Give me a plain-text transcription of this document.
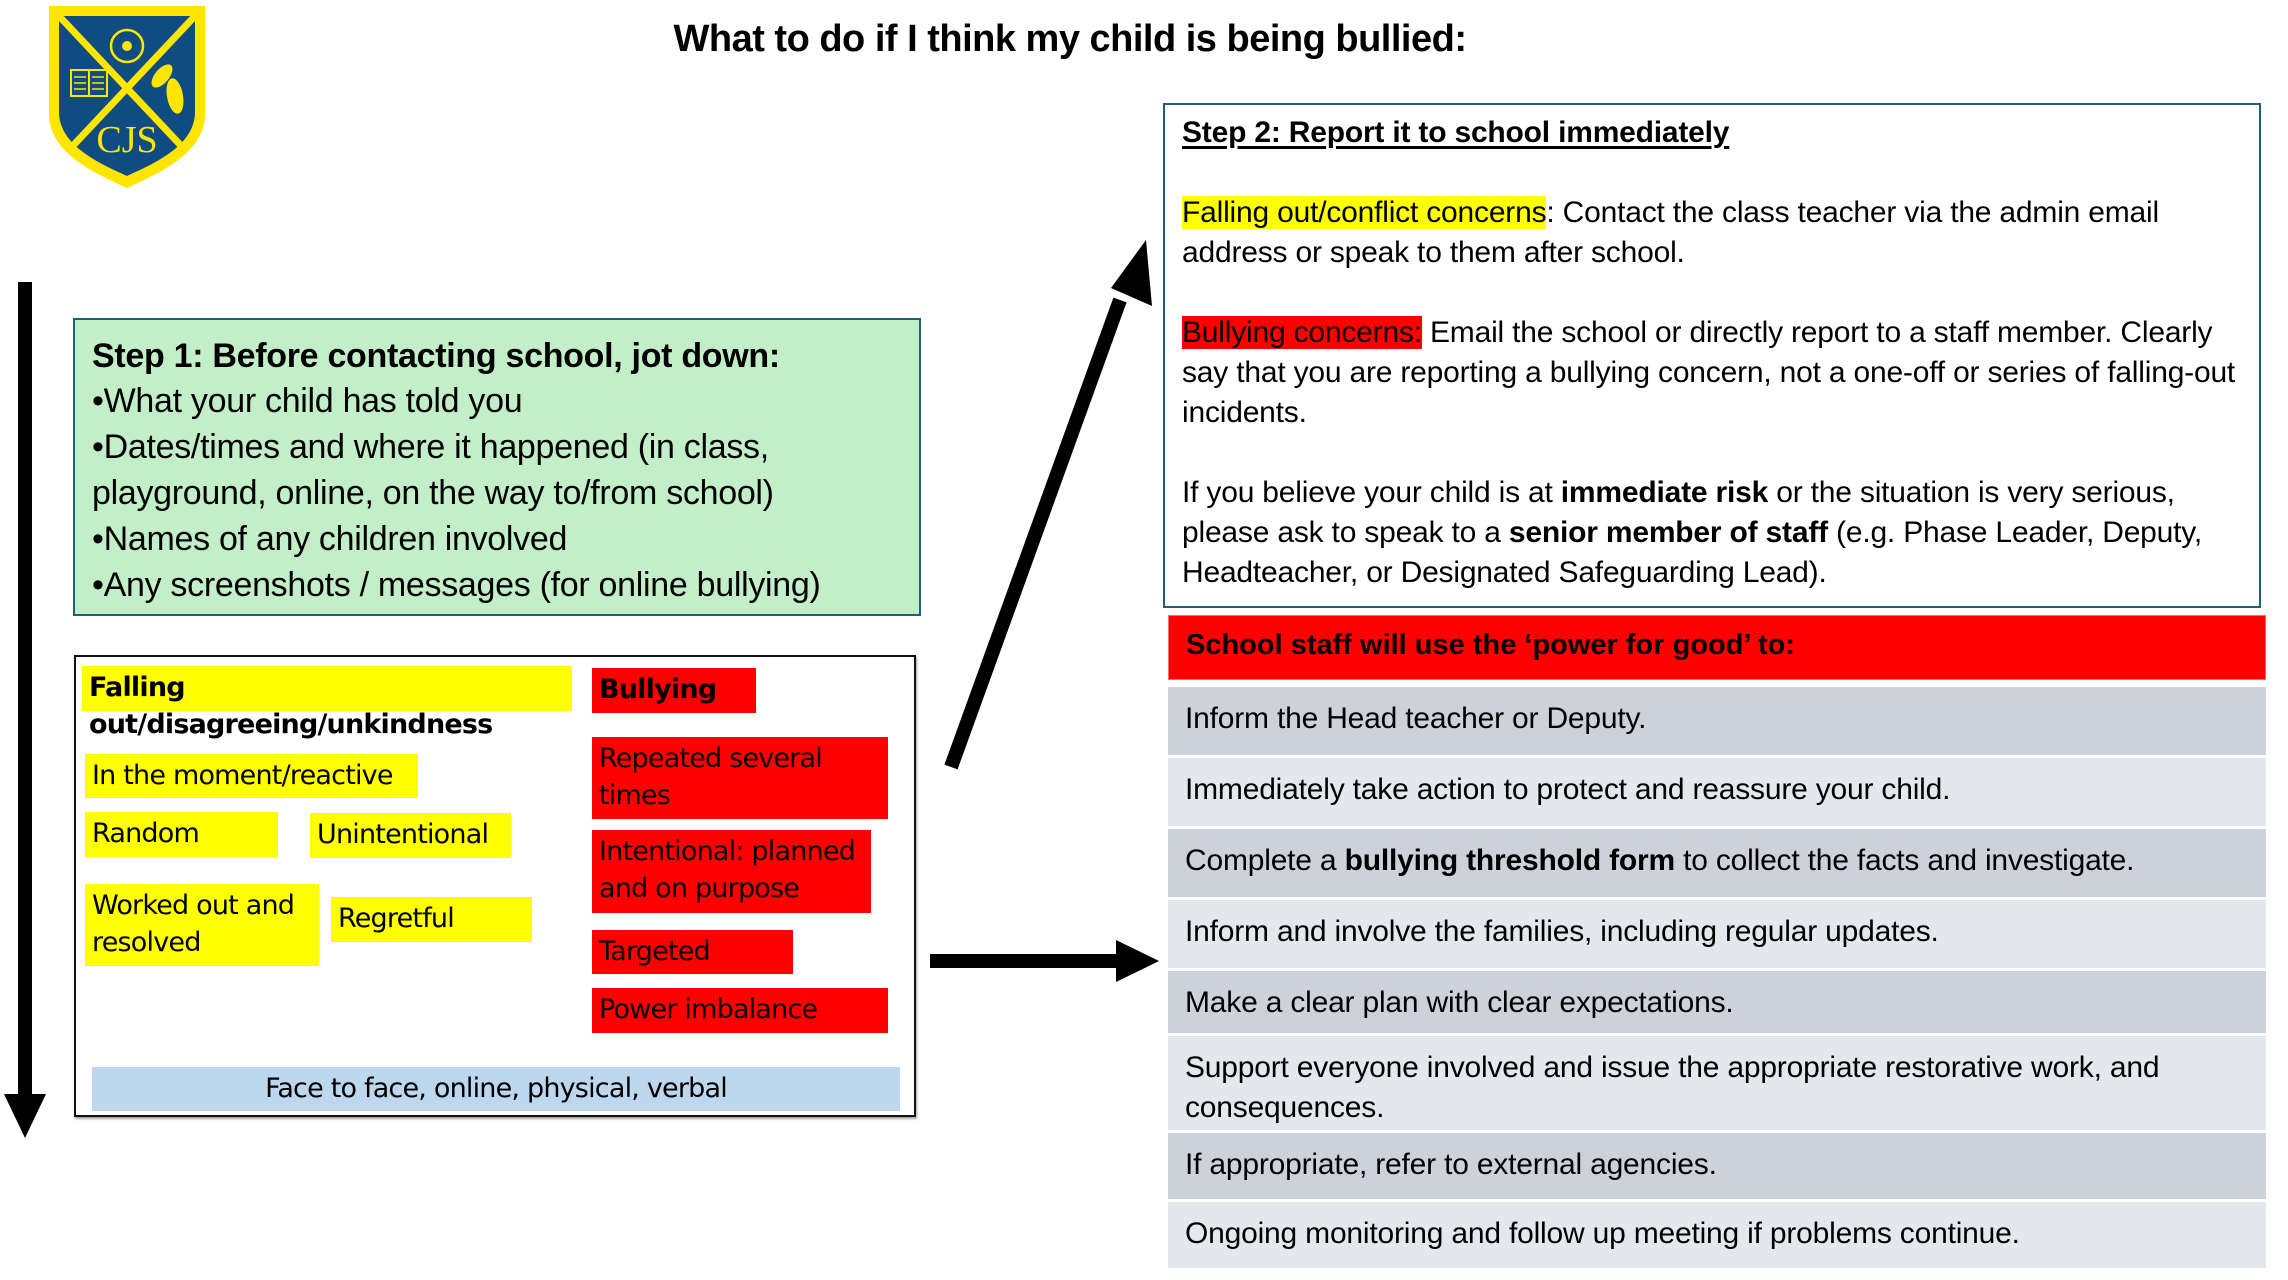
CJS
What to do if I think my child is being bullied:
Step 1: Before contacting school, jot down:
•What your child has told you
•Dates/times and where it happened (in class,
playground, online, on the way to/from school)
•Names of any children involved
•Any screenshots / messages (for online bullying)
Falling out/disagreeing/unkindness
In the moment/reactive
Random	Unintentional
Worked out and resolved
Regretful
Bullying
Repeated several times
Intentional: planned and on purpose
Targeted
Power imbalance
Face to face, online, physical, verbal

Step 2: Report it to school immediately

Falling out/conflict concerns: Contact the class teacher via the admin email address or speak to them after school.

Bullying concerns: Email the school or directly report to a staff member. Clearly say that you are reporting a bullying concern, not a one-off or series of falling-out incidents.

If you believe your child is at immediate risk or the situation is very serious, please ask to speak to a senior member of staff (e.g. Phase Leader, Deputy, Headteacher, or Designated Safeguarding Lead).

School staff will use the ‘power for good’ to:
Inform the Head teacher or Deputy.
Immediately take action to protect and reassure your child.
Complete a bullying threshold form to collect the facts and investigate.
Inform and involve the families, including regular updates.
Make a clear plan with clear expectations.
Support everyone involved and issue the appropriate restorative work, and consequences.
If appropriate, refer to external agencies.
Ongoing monitoring and follow up meeting if problems continue.
